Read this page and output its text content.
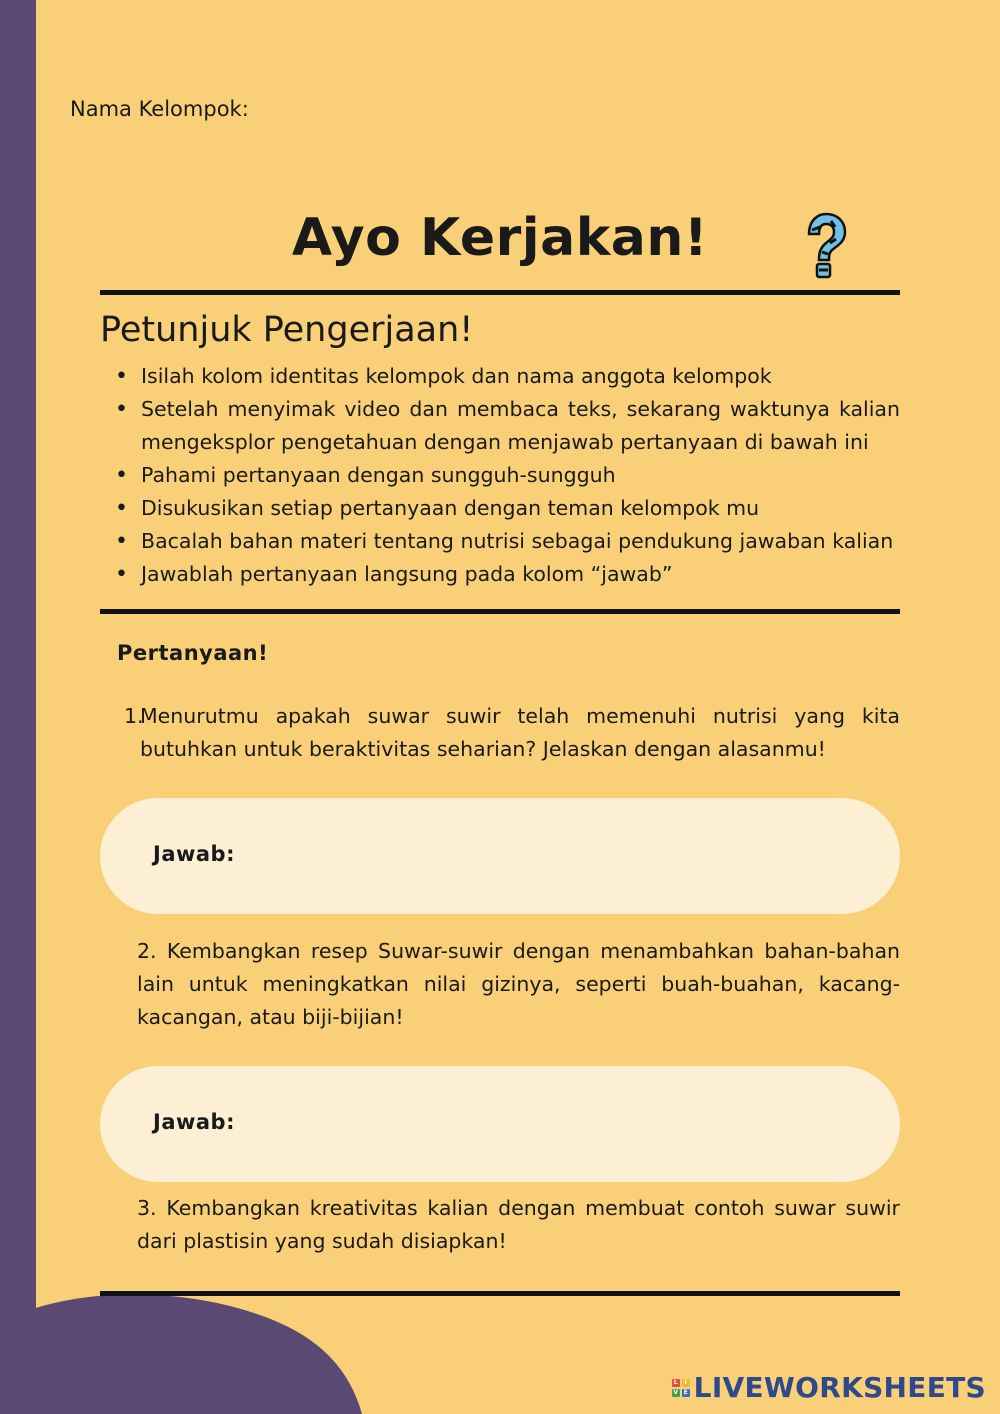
Nama Kelompok:
Ayo Kerjakan!
Petunjuk Pengerjaan!
• Isilah kolom identitas kelompok dan nama anggota kelompok
• Setelah menyimak video dan membaca teks, sekarang waktunya kalian mengeksplor pengetahuan dengan menjawab pertanyaan di bawah ini
• Pahami pertanyaan dengan sungguh-sungguh
• Disukusikan setiap pertanyaan dengan teman kelompok mu
• Bacalah bahan materi tentang nutrisi sebagai pendukung jawaban kalian
• Jawablah pertanyaan langsung pada kolom “jawab”
Pertanyaan!
1.
Menurutmu apakah suwar suwir telah memenuhi nutrisi yang kita butuhkan untuk beraktivitas seharian? Jelaskan dengan alasanmu!
Jawab:
2. Kembangkan resep Suwar-suwir dengan menambahkan bahan-bahan lain untuk meningkatkan nilai gizinya, seperti buah-buahan, kacang-kacangan, atau biji-bijian!
Jawab:
3. Kembangkan kreativitas kalian dengan membuat contoh suwar suwir dari plastisin yang sudah disiapkan!
L	I
V E LIVEWORKSHEETS
